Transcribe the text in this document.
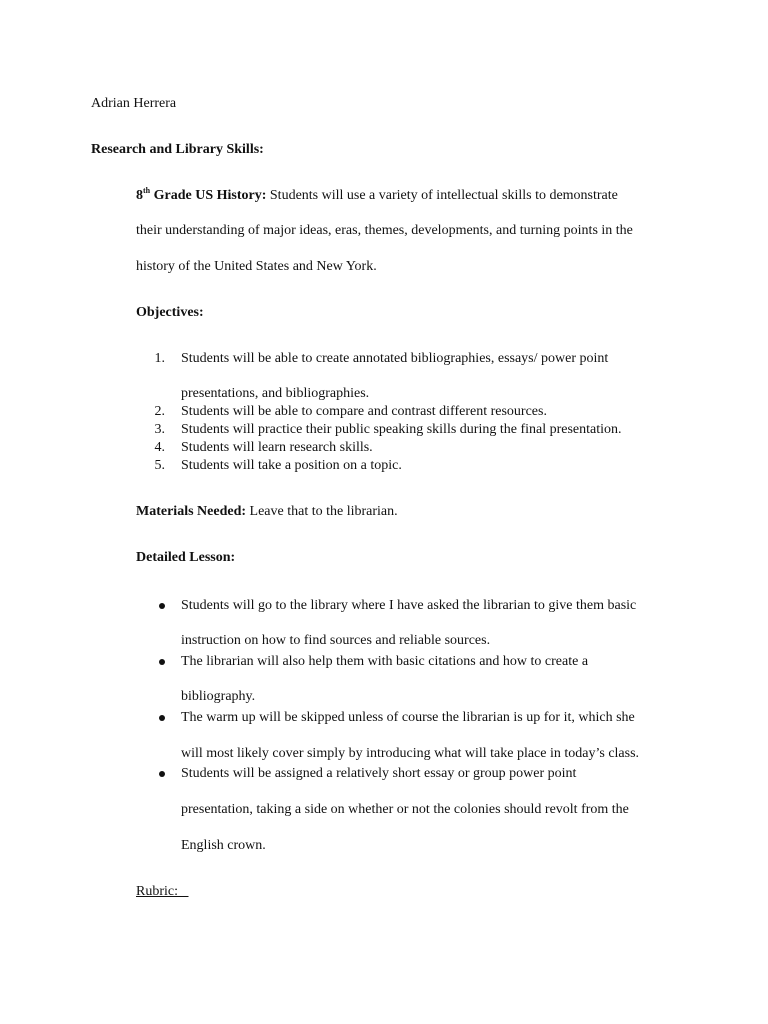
Adrian Herrera
Research and Library Skills:
8th Grade US History: Students will use a variety of intellectual skills to demonstrate
their understanding of major ideas, eras, themes, developments, and turning points in the
history of the United States and New York.
Objectives:
1. Students will be able to create annotated bibliographies, essays/ power point
presentations, and bibliographies.
2. Students will be able to compare and contrast different resources.
3. Students will practice their public speaking skills during the final presentation.
4. Students will learn research skills.
5. Students will take a position on a topic.
Materials Needed: Leave that to the librarian.
Detailed Lesson:
Students will go to the library where I have asked the librarian to give them basic
instruction on how to find sources and reliable sources.
The librarian will also help them with basic citations and how to create a
bibliography.
The warm up will be skipped unless of course the librarian is up for it, which she
will most likely cover simply by introducing what will take place in today’s class.
Students will be assigned a relatively short essay or group power point
presentation, taking a side on whether or not the colonies should revolt from the
English crown.
Rubric:
